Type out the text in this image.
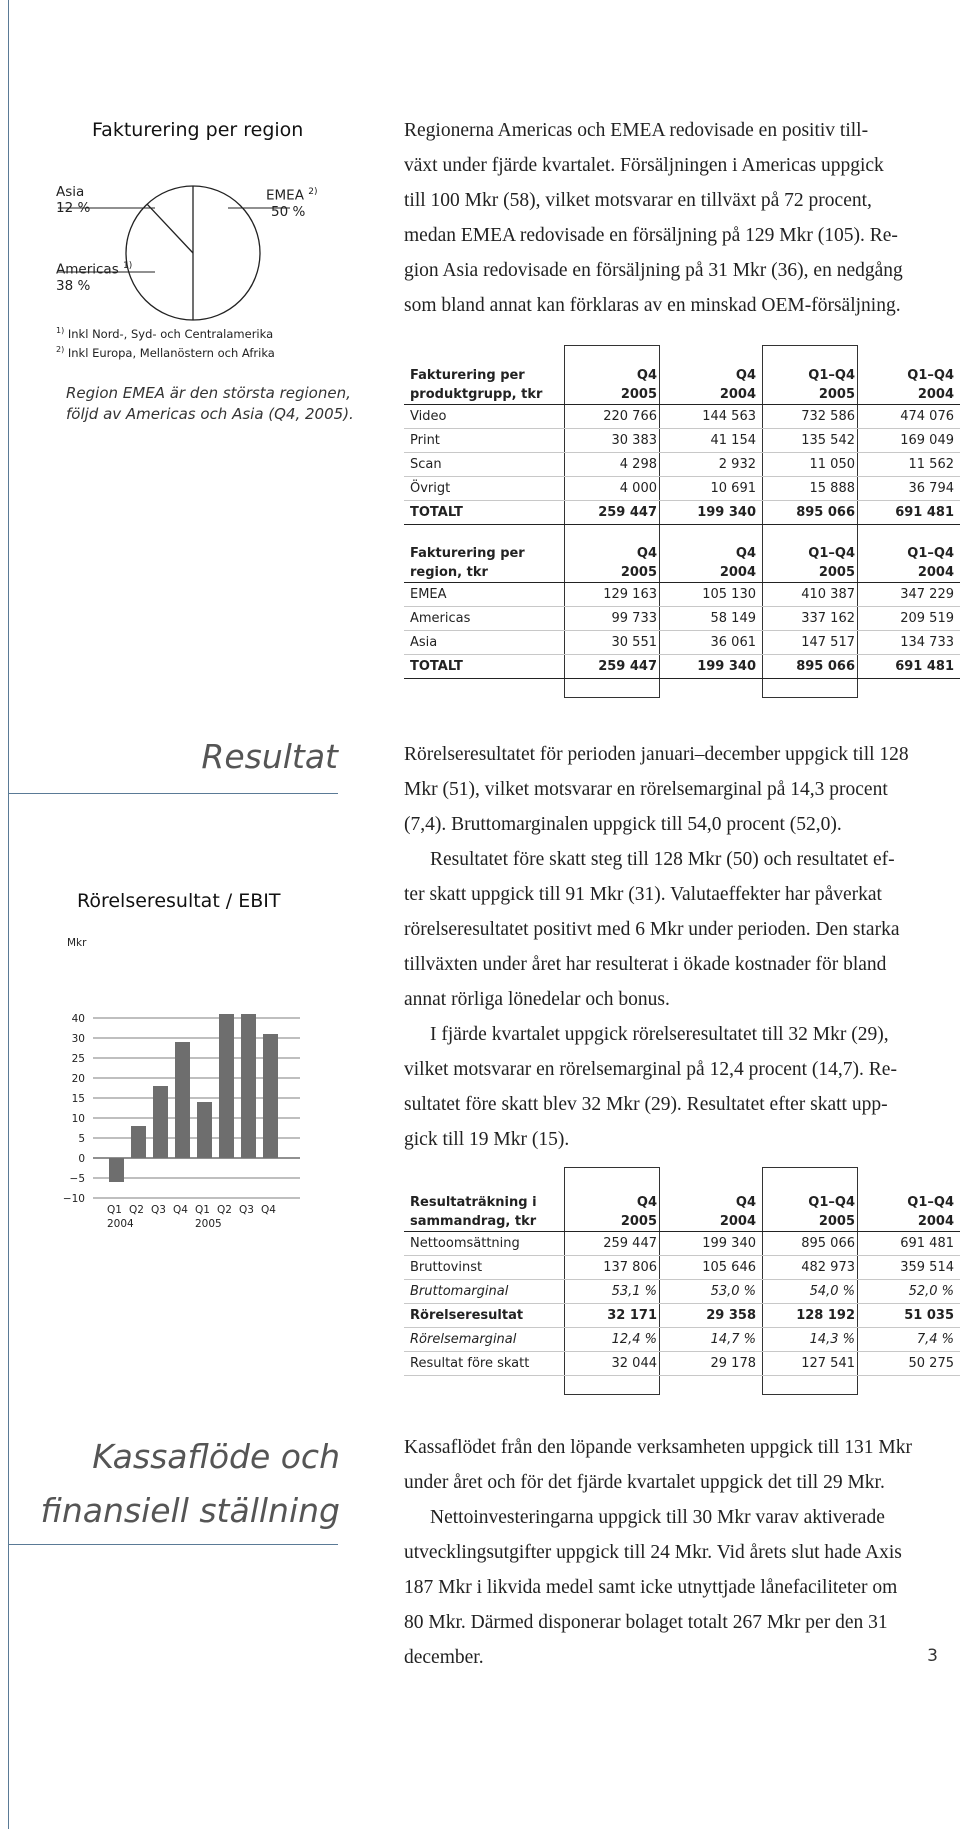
Fakturering per region
Asia
12 %
EMEA $^{2)}$
50 %
Americas $^{1)}$
38 %
$^{1)}$ Inkl Nord-, Syd- och Centralamerika
$^{2)}$ Inkl Europa, Mellanöstern och Afrika
Region EMEA är den största regionen,
följd av Americas och Asia (Q4, 2005).
Regionerna Americas och EMEA redovisade en positiv till-
växt under fjärde kvartalet. Försäljningen i Americas uppgick
till 100 Mkr (58), vilket motsvarar en tillväxt på 72 procent,
medan EMEA redovisade en försäljning på 129 Mkr (105). Re-
gion Asia redovisade en försäljning på 31 Mkr (36), en nedgång
som bland annat kan förklaras av en minskad OEM-försäljning.
Fakturering per	Q4	Q4	Q1–Q4	Q1–Q4
produktgrupp, tkr	2005	2004	2005	2004
Video	220 766	144 563	732 586	474 076
Print	30 383	41 154	135 542	169 049
Scan	4 298	2 932	11 050	11 562
Övrigt	4 000	10 691	15 888	36 794
TOTALT	259 447	199 340	895 066	691 481
Fakturering per	Q4	Q4	Q1–Q4	Q1–Q4
region, tkr	2005	2004	2005	2004
EMEA	129 163	105 130	410 387	347 229
Americas	99 733	58 149	337 162	209 519
Asia	30 551	36 061	147 517	134 733
TOTALT	259 447	199 340	895 066	691 481
Resultat
Rörelseresultat / EBIT
Mkr
40
30
25
20
15
10
5
0
−5
−10
Q1 Q2 Q3 Q4 Q1 Q2 Q3 Q4
2004	2005
Rörelseresultatet för perioden januari–december uppgick till 128
Mkr (51), vilket motsvarar en rörelsemarginal på 14,3 procent
(7,4). Bruttomarginalen uppgick till 54,0 procent (52,0).
Resultatet före skatt steg till 128 Mkr (50) och resultatet ef-
ter skatt uppgick till 91 Mkr (31). Valutaeffekter har påverkat
rörelseresultatet positivt med 6 Mkr under perioden. Den starka
tillväxten under året har resulterat i ökade kostnader för bland
annat rörliga lönedelar och bonus.
I fjärde kvartalet uppgick rörelseresultatet till 32 Mkr (29),
vilket motsvarar en rörelsemarginal på 12,4 procent (14,7). Re-
sultatet före skatt blev 32 Mkr (29). Resultatet efter skatt upp-
gick till 19 Mkr (15).
Resultaträkning i	Q4	Q4	Q1–Q4	Q1–Q4
sammandrag, tkr	2005	2004	2005	2004
Nettoomsättning	259 447	199 340	895 066	691 481
Bruttovinst	137 806	105 646	482 973	359 514
Bruttomarginal	53,1 %	53,0 %	54,0 %	52,0 %
Rörelseresultat	32 171	29 358	128 192	51 035
Rörelsemarginal	12,4 %	14,7 %	14,3 %	7,4 %
Resultat före skatt	32 044	29 178	127 541	50 275
Kassaflöde och
finansiell ställning
Kassaflödet från den löpande verksamheten uppgick till 131 Mkr
under året och för det fjärde kvartalet uppgick det till 29 Mkr.
Nettoinvesteringarna uppgick till 30 Mkr varav aktiverade
utvecklingsutgifter uppgick till 24 Mkr. Vid årets slut hade Axis
187 Mkr i likvida medel samt icke utnyttjade lånefaciliteter om
80 Mkr. Därmed disponerar bolaget totalt 267 Mkr per den 31
december.	3
